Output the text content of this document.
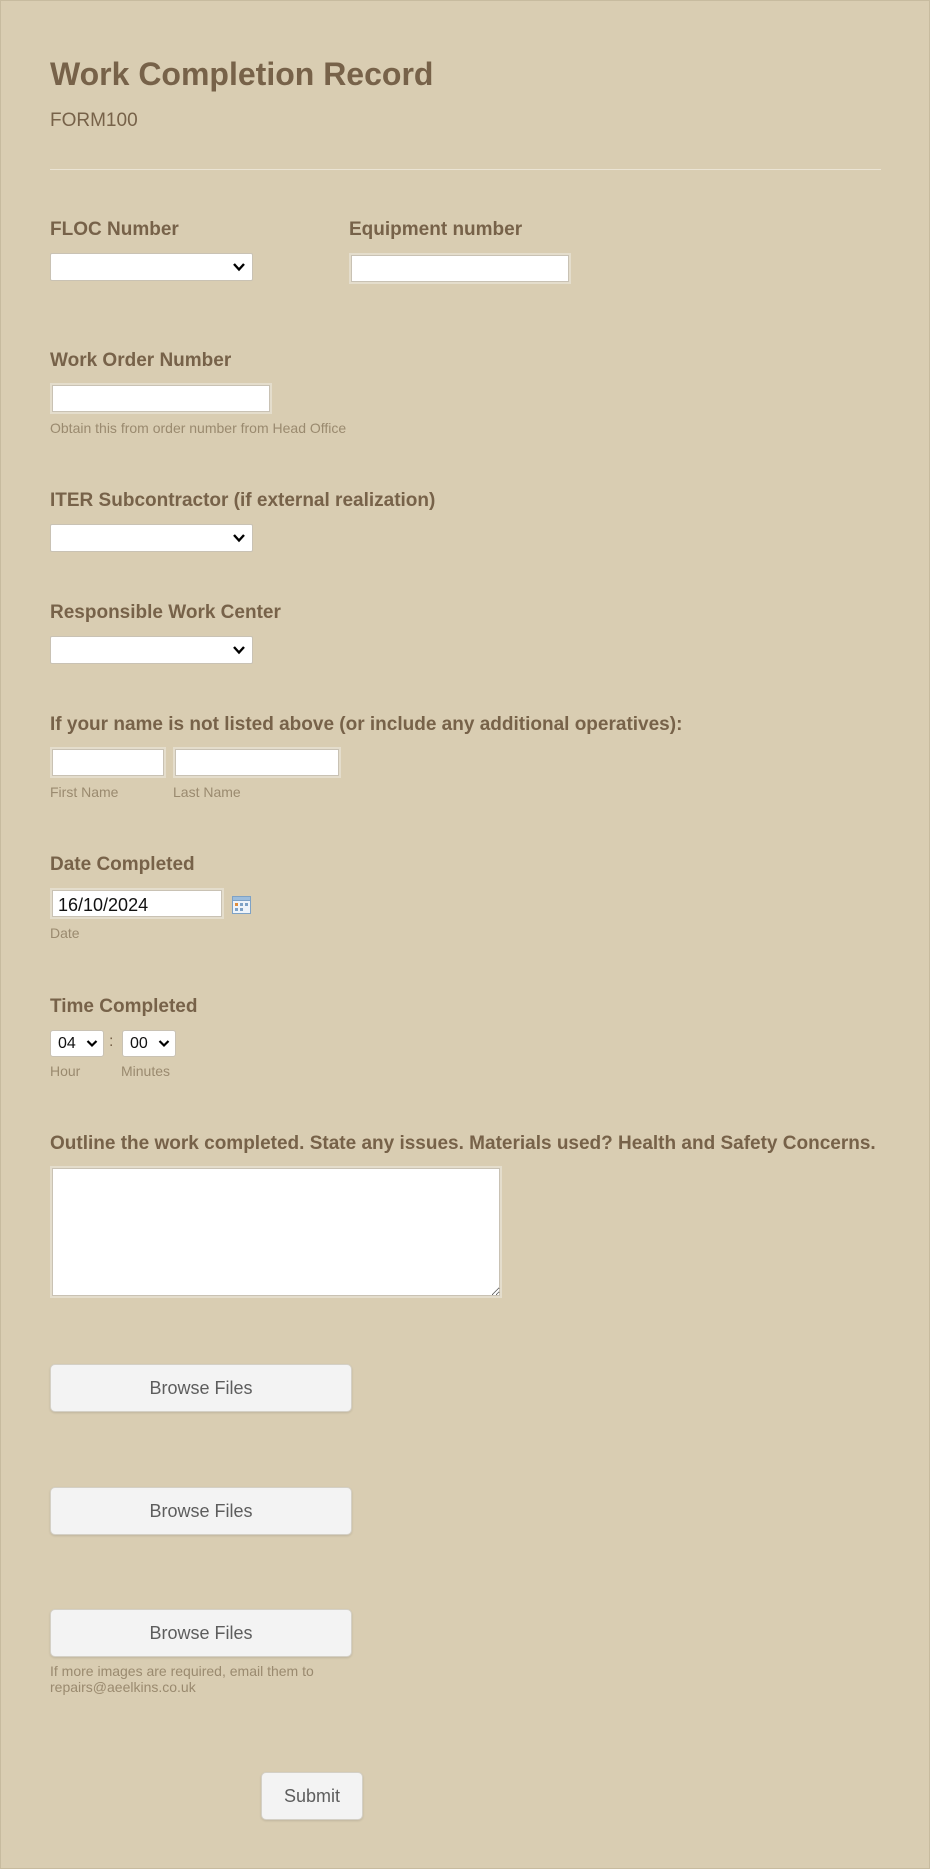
Work Completion Record
FORM100
FLOC Number	Equipment number
Work Order Number
Obtain this from order number from Head Office
ITER Subcontractor (if external realization)
Responsible Work Center
If your name is not listed above (or include any additional operatives):
First Name	Last Name
Date Completed
16/10/2024
Date
Time Completed
04 : 00
Hour	Minutes
Outline the work completed. State any issues. Materials used? Health and Safety Concerns.
Browse Files
Browse Files
Browse Files
If more images are required, email them to
repairs@aeelkins.co.uk
Submit
